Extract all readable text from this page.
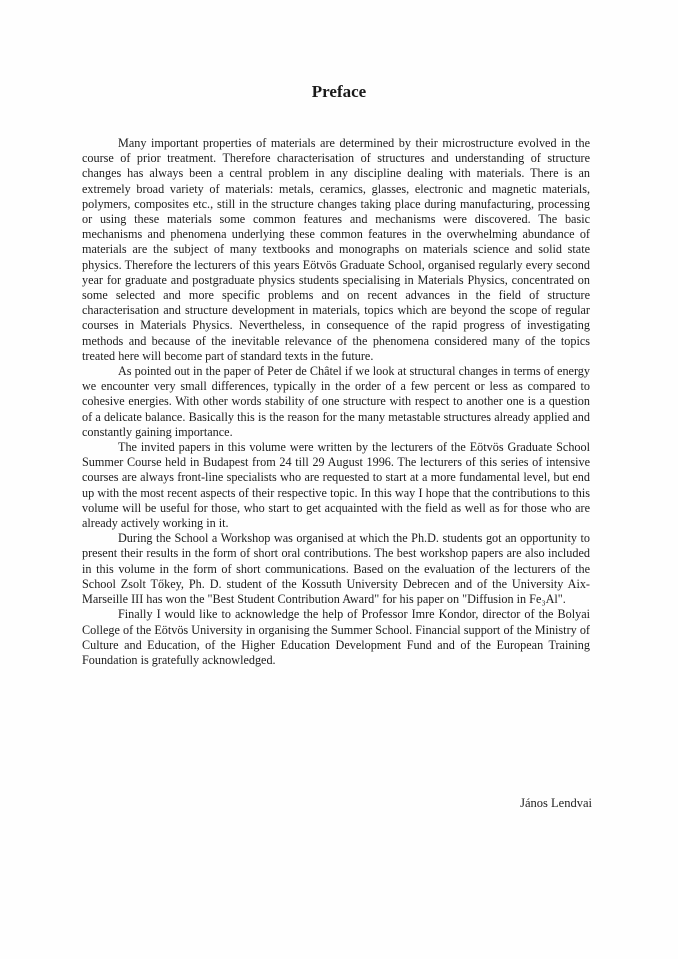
Preface

Many important properties of materials are determined by their microstructure evolved in the course of prior treatment. Therefore characterisation of structures and understanding of structure changes has always been a central problem in any discipline dealing with materials. There is an extremely broad variety of materials: metals, ceramics, glasses, electronic and magnetic materials, polymers, composites etc., still in the structure changes taking place during manufacturing, processing or using these materials some common features and mechanisms were discovered. The basic mechanisms and phenomena underlying these common features in the overwhelming abundance of materials are the subject of many textbooks and monographs on materials science and solid state physics. Therefore the lecturers of this years Eötvös Graduate School, organised regularly every second year for graduate and postgraduate physics students specialising in Materials Physics, concentrated on some selected and more specific problems and on recent advances in the field of structure characterisation and structure development in materials, topics which are beyond the scope of regular courses in Materials Physics. Nevertheless, in consequence of the rapid progress of investigating methods and because of the inevitable relevance of the phenomena considered many of the topics treated here will become part of standard texts in the future.

As pointed out in the paper of Peter de Châtel if we look at structural changes in terms of energy we encounter very small differences, typically in the order of a few percent or less as compared to cohesive energies. With other words stability of one structure with respect to another one is a question of a delicate balance. Basically this is the reason for the many metastable structures already applied and constantly gaining importance.

The invited papers in this volume were written by the lecturers of the Eötvös Graduate School Summer Course held in Budapest from 24 till 29 August 1996. The lecturers of this series of intensive courses are always front-line specialists who are requested to start at a more fundamental level, but end up with the most recent aspects of their respective topic. In this way I hope that the contributions to this volume will be useful for those, who start to get acquainted with the field as well as for those who are already actively working in it.

During the School a Workshop was organised at which the Ph.D. students got an opportunity to present their results in the form of short oral contributions. The best workshop papers are also included in this volume in the form of short communications. Based on the evaluation of the lecturers of the School Zsolt Tőkey, Ph. D. student of the Kossuth University Debrecen and of the University Aix-Marseille III has won the "Best Student Contribution Award" for his paper on "Diffusion in Fe₃Al".

Finally I would like to acknowledge the help of Professor Imre Kondor, director of the Bolyai College of the Eötvös University in organising the Summer School. Financial support of the Ministry of Culture and Education, of the Higher Education Development Fund and of the European Training Foundation is gratefully acknowledged.

János Lendvai
